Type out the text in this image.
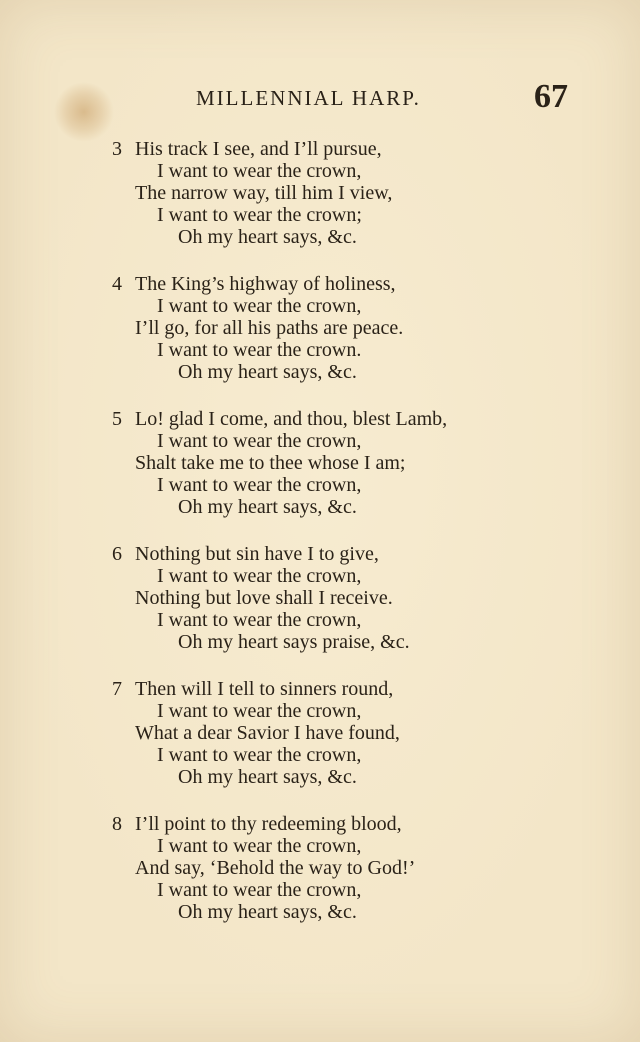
MILLENNIAL HARP.	67
3 His track I see, and I’ll pursue,
I want to wear the crown,
The narrow way, till him I view,
I want to wear the crown;
Oh my heart says, &c.
4 The King’s highway of holiness,
I want to wear the crown,
I’ll go, for all his paths are peace.
I want to wear the crown.
Oh my heart says, &c.
5 Lo! glad I come, and thou, blest Lamb,
I want to wear the crown,
Shalt take me to thee whose I am;
I want to wear the crown,
Oh my heart says, &c.
6 Nothing but sin have I to give,
I want to wear the crown,
Nothing but love shall I receive.
I want to wear the crown,
Oh my heart says praise, &c.
7 Then will I tell to sinners round,
I want to wear the crown,
What a dear Savior I have found,
I want to wear the crown,
Oh my heart says, &c.
8 I’ll point to thy redeeming blood,
I want to wear the crown,
And say, ‘Behold the way to God!’
I want to wear the crown,
Oh my heart says, &c.
